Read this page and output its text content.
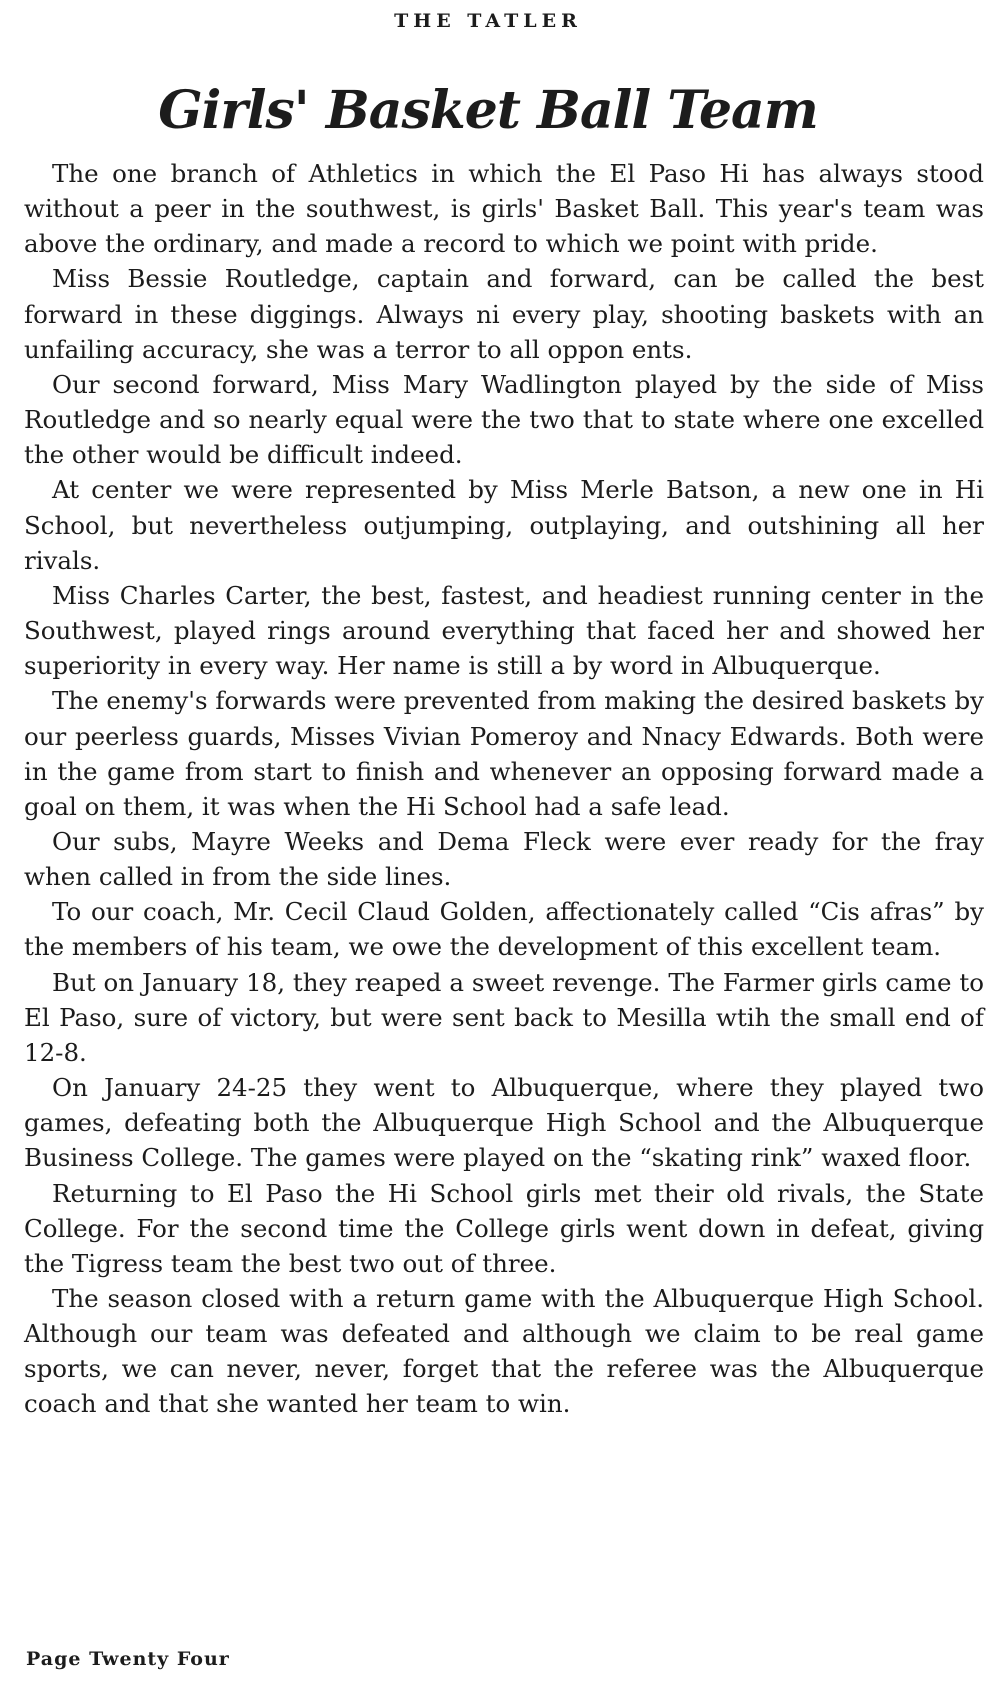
THE TATLER
Girls' Basket Ball Team

The one branch of Athletics in which the El Paso Hi has always stood without a peer in the southwest, is girls' Basket Ball. This year's team was above the ordinary, and made a record to which we point with pride.

Miss Bessie Routledge, captain and forward, can be called the best forward in these diggings. Always ni every play, shooting baskets with an unfailing accuracy, she was a terror to all oppon ents.

Our second forward, Miss Mary Wadlington played by the side of Miss Routledge and so nearly equal were the two that to state where one excelled the other would be difficult indeed.

At center we were represented by Miss Merle Batson, a new one in Hi School, but nevertheless outjumping, outplaying, and outshining all her rivals.

Miss Charles Carter, the best, fastest, and headiest running center in the Southwest, played rings around everything that faced her and showed her superiority in every way. Her name is still a by word in Albuquerque.

The enemy's forwards were prevented from making the desired baskets by our peerless guards, Misses Vivian Pomeroy and Nnacy Edwards. Both were in the game from start to finish and whenever an opposing forward made a goal on them, it was when the Hi School had a safe lead.

Our subs, Mayre Weeks and Dema Fleck were ever ready for the fray when called in from the side lines.

To our coach, Mr. Cecil Claud Golden, affectionately called “Cis afras” by the members of his team, we owe the development of this excellent team.

But on January 18, they reaped a sweet revenge. The Farmer girls came to El Paso, sure of victory, but were sent back to Mesilla wtih the small end of 12-8.

On January 24-25 they went to Albuquerque, where they played two games, defeating both the Albuquerque High School and the Albuquerque Business College. The games were played on the “skating rink” waxed floor.

Returning to El Paso the Hi School girls met their old rivals, the State College. For the second time the College girls went down in defeat, giving the Tigress team the best two out of three.

The season closed with a return game with the Albuquerque High School. Although our team was defeated and although we claim to be real game sports, we can never, never, forget that the referee was the Albuquerque coach and that she wanted her team to win.

Page Twenty Four
